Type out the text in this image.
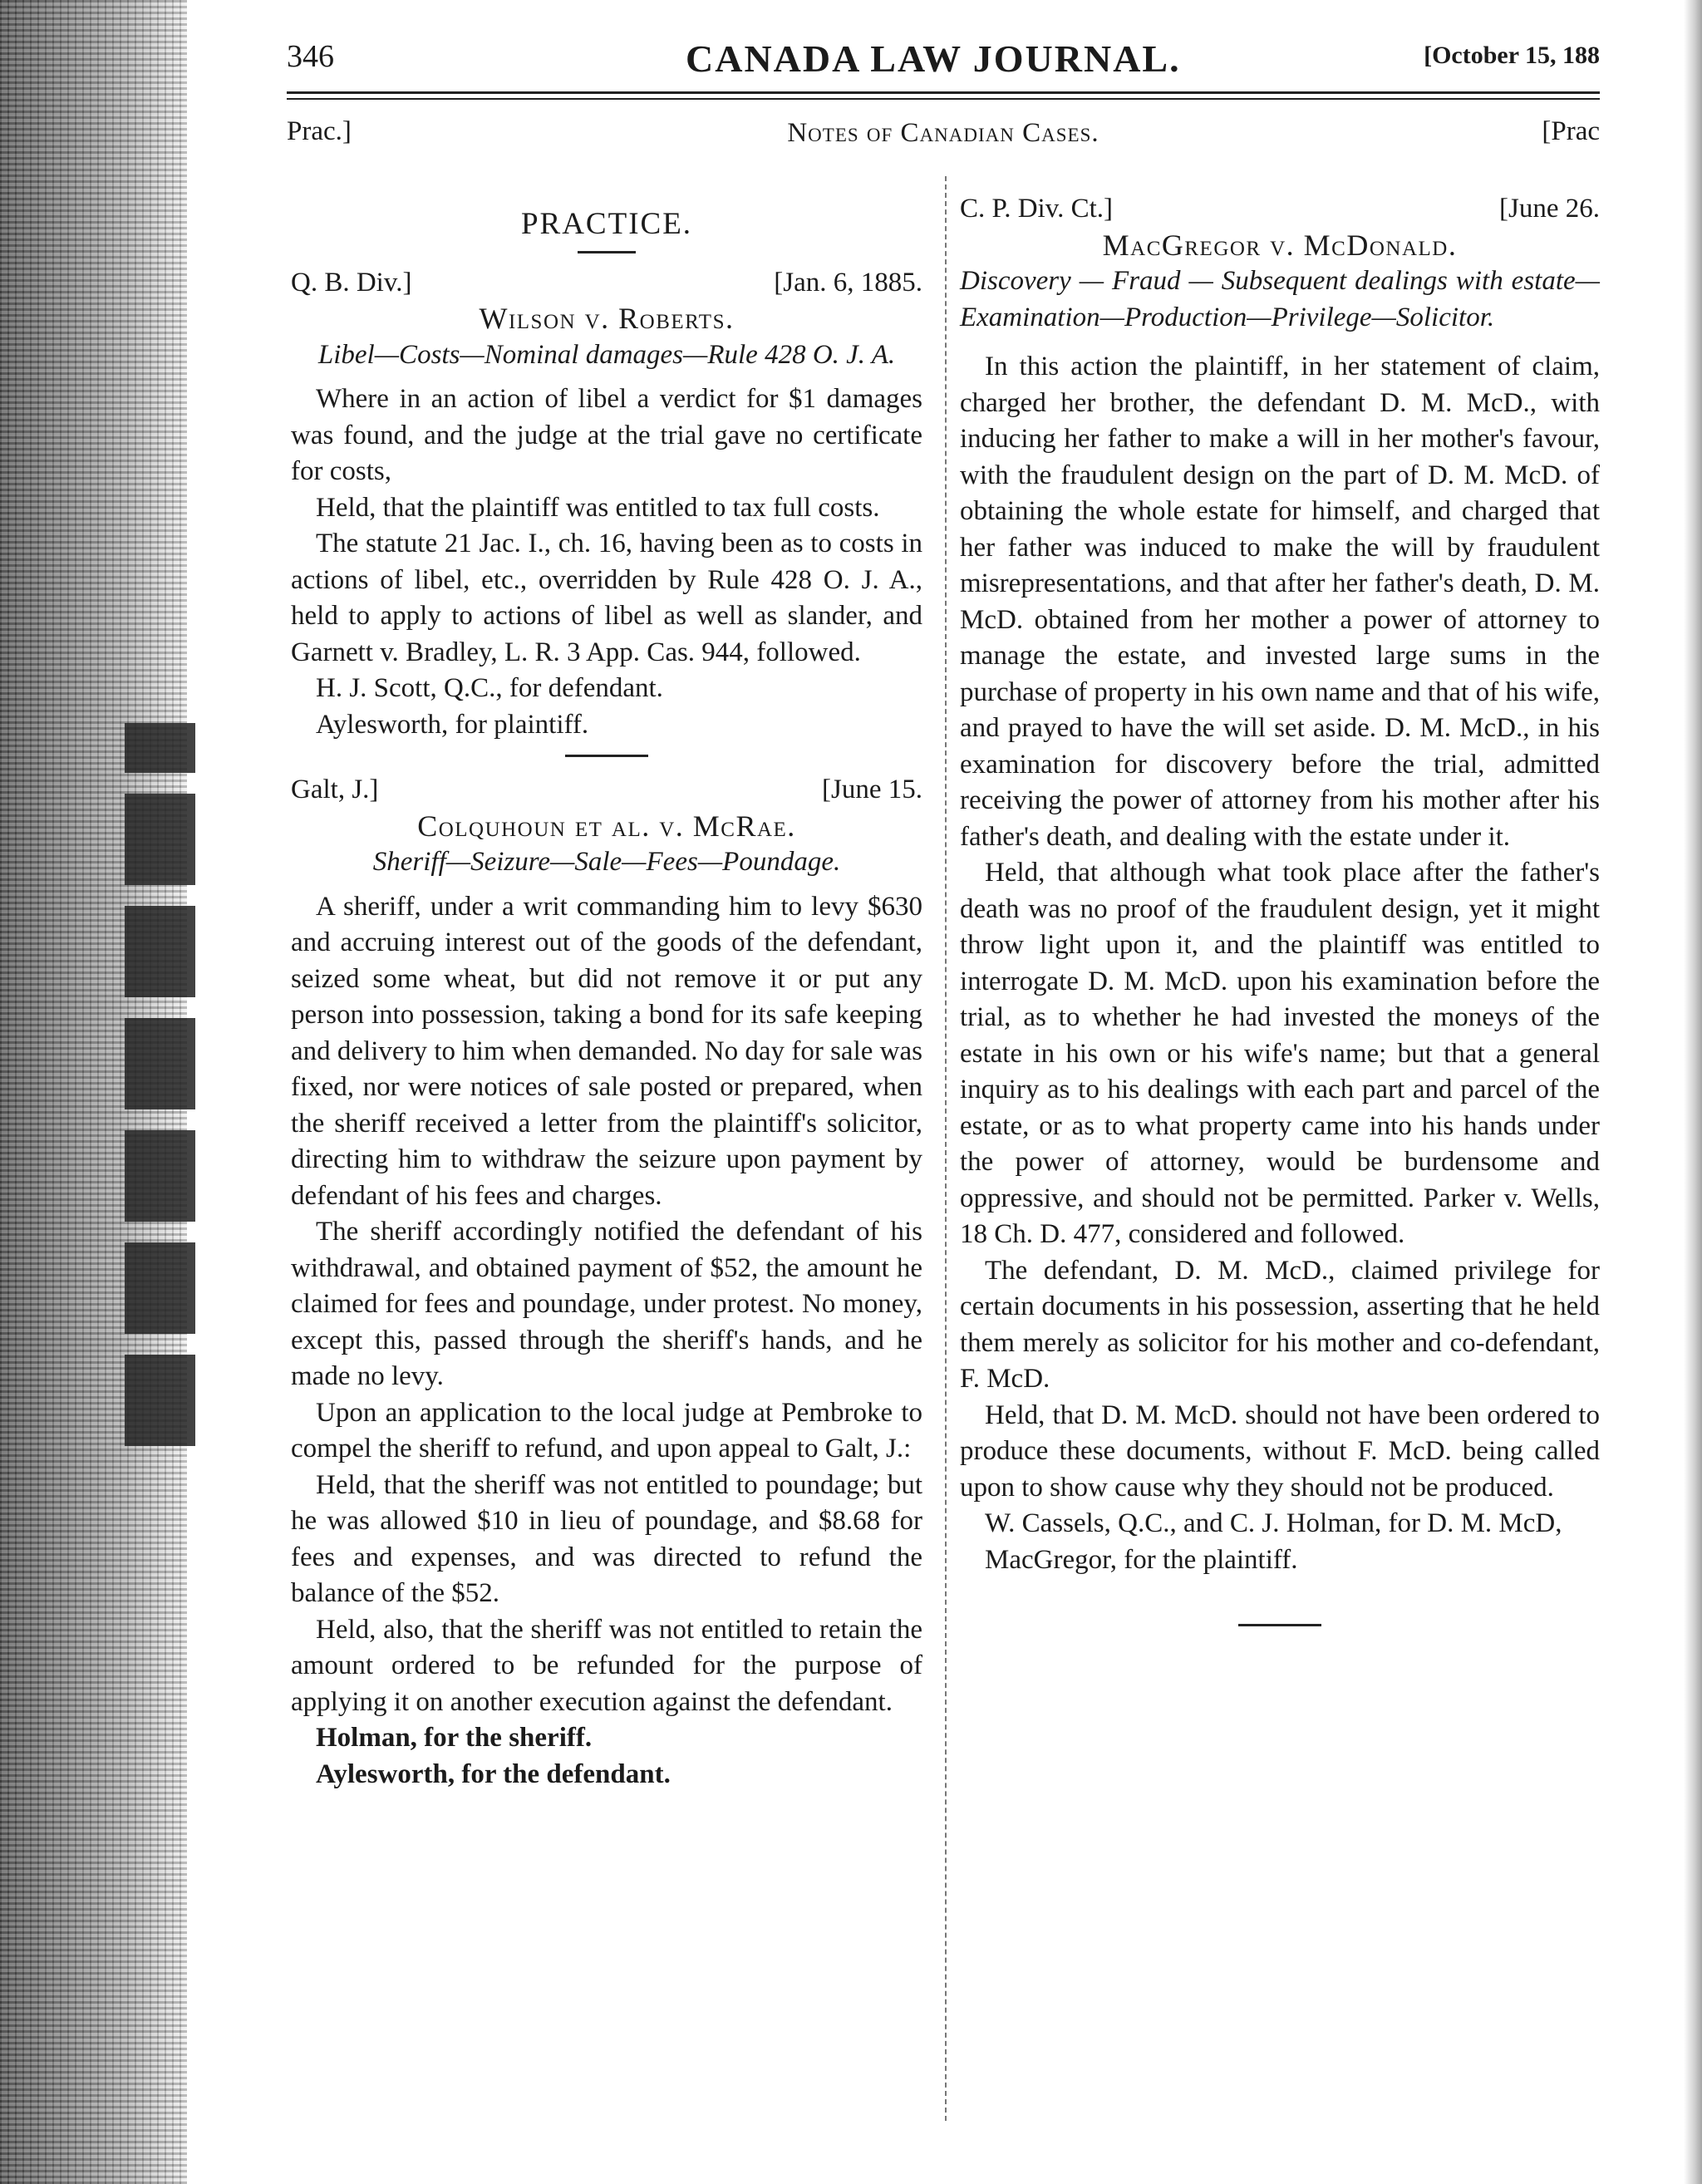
346	CANADA LAW JOURNAL.	[October 15, 188
Prac.]	Notes of Canadian Cases.	[Prac
PRACTICE.
Q. B. Div.]	[Jan. 6, 1885.
Wilson v. Roberts.
Libel—Costs—Nominal damages—Rule 428 O. J. A.

Where in an action of libel a verdict for $1 damages was found, and the judge at the trial gave no certificate for costs,

Held, that the plaintiff was entitled to tax full costs.

The statute 21 Jac. I., ch. 16, having been as to costs in actions of libel, etc., overridden by Rule 428 O. J. A., held to apply to actions of libel as well as slander, and Garnett v. Bradley, L. R. 3 App. Cas. 944, followed.

H. J. Scott, Q.C., for defendant.
Aylesworth, for plaintiff.
Galt, J.]	[June 15.
Colquhoun et al. v. McRae.
Sheriff—Seizure—Sale—Fees—Poundage.

A sheriff, under a writ commanding him to levy $630 and accruing interest out of the goods of the defendant, seized some wheat, but did not remove it or put any person into possession, taking a bond for its safe keeping and delivery to him when demanded. No day for sale was fixed, nor were notices of sale posted or prepared, when the sheriff received a letter from the plaintiff's solicitor, directing him to withdraw the seizure upon payment by defendant of his fees and charges.

The sheriff accordingly notified the defendant of his withdrawal, and obtained payment of $52, the amount he claimed for fees and poundage, under protest. No money, except this, passed through the sheriff's hands, and he made no levy.

Upon an application to the local judge at Pembroke to compel the sheriff to refund, and upon appeal to Galt, J.:

Held, that the sheriff was not entitled to poundage; but he was allowed $10 in lieu of poundage, and $8.68 for fees and expenses, and was directed to refund the balance of the $52.

Held, also, that the sheriff was not entitled to retain the amount ordered to be refunded for the purpose of applying it on another execution against the defendant.

Holman, for the sheriff.
Aylesworth, for the defendant.
C. P. Div. Ct.]	[June 26.
MacGregor v. McDonald.
Discovery — Fraud — Subsequent dealings with estate—Examination—Production—Privilege—Solicitor.

In this action the plaintiff, in her statement of claim, charged her brother, the defendant D. M. McD., with inducing her father to make a will in her mother's favour, with the fraudulent design on the part of D. M. McD. of obtaining the whole estate for himself, and charged that her father was induced to make the will by fraudulent misrepresentations, and that after her father's death, D. M. McD. obtained from her mother a power of attorney to manage the estate, and invested large sums in the purchase of property in his own name and that of his wife, and prayed to have the will set aside. D. M. McD., in his examination for discovery before the trial, admitted receiving the power of attorney from his mother after his father's death, and dealing with the estate under it.

Held, that although what took place after the father's death was no proof of the fraudulent design, yet it might throw light upon it, and the plaintiff was entitled to interrogate D. M. McD. upon his examination before the trial, as to whether he had invested the moneys of the estate in his own or his wife's name; but that a general inquiry as to his dealings with each part and parcel of the estate, or as to what property came into his hands under the power of attorney, would be burdensome and oppressive, and should not be permitted. Parker v. Wells, 18 Ch. D. 477, considered and followed.

The defendant, D. M. McD., claimed privilege for certain documents in his possession, asserting that he held them merely as solicitor for his mother and co-defendant, F. McD.

Held, that D. M. McD. should not have been ordered to produce these documents, without F. McD. being called upon to show cause why they should not be produced.

W. Cassels, Q.C., and C. J. Holman, for D. M. McD,

MacGregor, for the plaintiff.
